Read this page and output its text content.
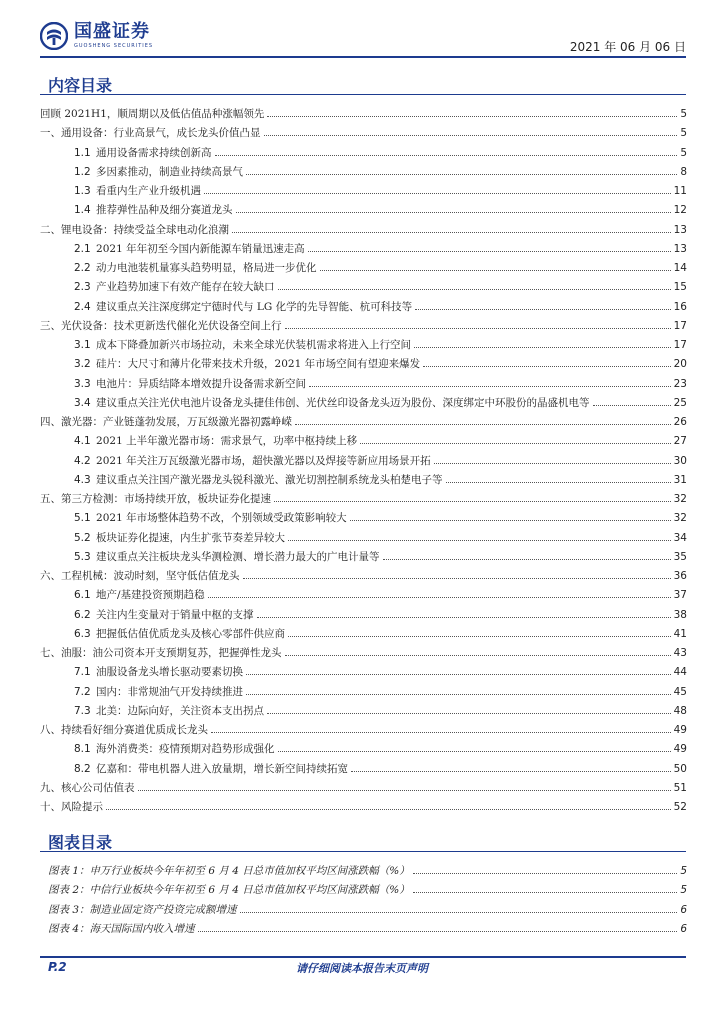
国盛证券
GUOSHENG SECURITIES	2021 年 06 月 06 日
内容目录
回顾 2021H1，顺周期以及低估值品种涨幅领先	5
一、通用设备：行业高景气，成长龙头价值凸显	5
1.1 通用设备需求持续创新高	5
1.2 多因素推动，制造业持续高景气	8
1.3 看重内生产业升级机遇	11
1.4 推荐弹性品种及细分赛道龙头	12
二、锂电设备：持续受益全球电动化浪潮	13
2.1 2021 年年初至今国内新能源车销量迅速走高	13
2.2 动力电池装机量寡头趋势明显，格局进一步优化	14
2.3 产业趋势加速下有效产能存在较大缺口	15
2.4 建议重点关注深度绑定宁德时代与 LG 化学的先导智能、杭可科技等	16
三、光伏设备：技术更新迭代催化光伏设备空间上行	17
3.1 成本下降叠加新兴市场拉动，未来全球光伏装机需求将进入上行空间	17
3.2 硅片：大尺寸和薄片化带来技术升级，2021 年市场空间有望迎来爆发	20
3.3 电池片：异质结降本增效提升设备需求新空间	23
3.4 建议重点关注光伏电池片设备龙头捷佳伟创、光伏丝印设备龙头迈为股份、深度绑定中环股份的晶盛机电等	25
四、激光器：产业链蓬勃发展，万瓦级激光器初露峥嵘	26
4.1 2021 上半年激光器市场：需求景气，功率中枢持续上移	27
4.2 2021 年关注万瓦级激光器市场，超快激光器以及焊接等新应用场景开拓	30
4.3 建议重点关注国产激光器龙头锐科激光、激光切割控制系统龙头柏楚电子等	31
五、第三方检测：市场持续开放，板块证券化提速	32
5.1 2021 年市场整体趋势不改，个别领域受政策影响较大	32
5.2 板块证券化提速，内生扩张节奏差异较大	34
5.3 建议重点关注板块龙头华测检测、增长潜力最大的广电计量等	35
六、工程机械：波动时刻，坚守低估值龙头	36
6.1 地产/基建投资预期趋稳	37
6.2 关注内生变量对于销量中枢的支撑	38
6.3 把握低估值优质龙头及核心零部件供应商	41
七、油服：油公司资本开支预期复苏，把握弹性龙头	43
7.1 油服设备龙头增长驱动要素切换	44
7.2 国内：非常规油气开发持续推进	45
7.3 北美：边际向好，关注资本支出拐点	48
八、持续看好细分赛道优质成长龙头	49
8.1 海外消费类：疫情预期对趋势形成强化	49
8.2 亿嘉和：带电机器人进入放量期，增长新空间持续拓宽	50
九、核心公司估值表	51
十、风险提示	52
图表目录
图表 1：申万行业板块今年年初至 6 月 4 日总市值加权平均区间涨跌幅（%）	5
图表 2：中信行业板块今年年初至 6 月 4 日总市值加权平均区间涨跌幅（%）	5
图表 3：制造业固定资产投资完成额增速	6
图表 4：海天国际国内收入增速	6
P.2	请仔细阅读本报告末页声明
